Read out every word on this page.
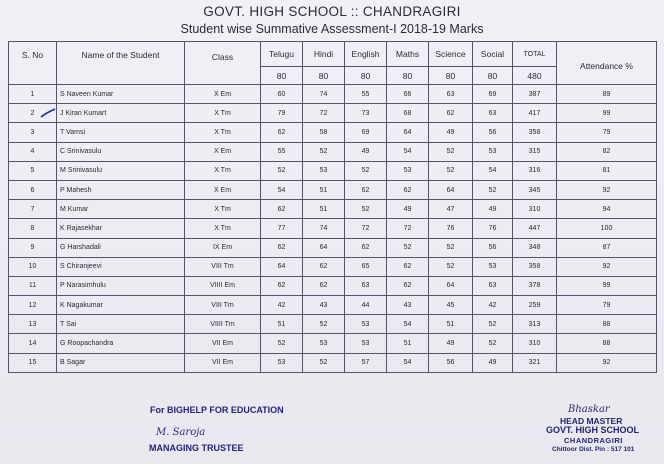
GOVT. HIGH SCHOOL :: CHANDRAGIRI
Student wise Summative Assessment-I 2018-19 Marks
S. No	Name of the Student	Class	Telugu	Hindi	English	Maths	Science	Social	TOTAL	Attendance %
			80	80	80	80	80	80	480	
1	S Naveen Kumar	X Em	60	74	55	66	63	69	387	89
2	J Kiran Kumart	X Tm	79	72	73	68	62	63	417	99
3	T Vamsi	X Tm	62	58	69	64	49	56	358	79
4	C Srinivasulu	X Em	55	52	49	54	52	53	315	82
5	M Srinivasulu	X Tm	52	53	52	53	52	54	316	81
6	P Mahesh	X Em	54	51	62	62	64	52	345	92
7	M Kumar	X Tm	62	51	52	49	47	49	310	94
8	K Rajasekhar	X Tm	77	74	72	72	76	76	447	100
9	G Harshadali	IX Em	62	64	62	52	52	56	348	87
10	S Chiranjeevi	VIII Tm	64	62	65	62	52	53	358	92
11	P Narasimhulu	VIIII Em	62	62	63	62	64	63	378	99
12	K Nagakumar	VIII Tm	42	43	44	43	45	42	259	79
13	T Sai	VIIII Tm	51	52	53	54	51	52	313	88
14	G Roopachandra	VII Em	52	53	53	51	49	52	310	88
15	B Sagar	VII Em	53	52	57	54	56	49	321	92
For BIGHELP FOR EDUCATION
M. Saroja
MANAGING TRUSTEE
Bhaskar
HEAD MASTER
GOVT. HIGH SCHOOL
CHANDRAGIRI
Chittoor Dist. Pin : 517 101
